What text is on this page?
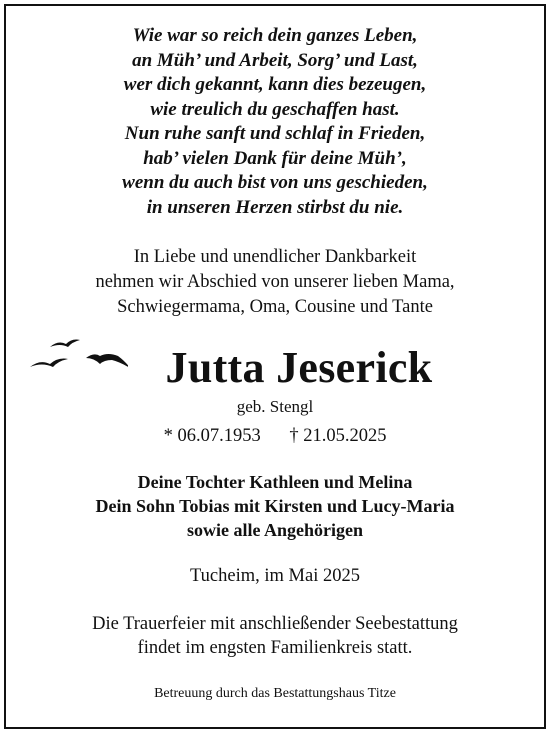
Wie war so reich dein ganzes Leben,
an Müh’ und Arbeit, Sorg’ und Last,
wer dich gekannt, kann dies bezeugen,
wie treulich du geschaffen hast.
Nun ruhe sanft und schlaf in Frieden,
hab’ vielen Dank für deine Müh’,
wenn du auch bist von uns geschieden,
in unseren Herzen stirbst du nie.
In Liebe und unendlicher Dankbarkeit
nehmen wir Abschied von unserer lieben Mama,
Schwiegermama, Oma, Cousine und Tante
Jutta Jeserick
geb. Stengl
* 06.07.1953 † 21.05.2025
Deine Tochter Kathleen und Melina
Dein Sohn Tobias mit Kirsten und Lucy-Maria
sowie alle Angehörigen
Tucheim, im Mai 2025
Die Trauerfeier mit anschließender Seebestattung
findet im engsten Familienkreis statt.
Betreuung durch das Bestattungshaus Titze
